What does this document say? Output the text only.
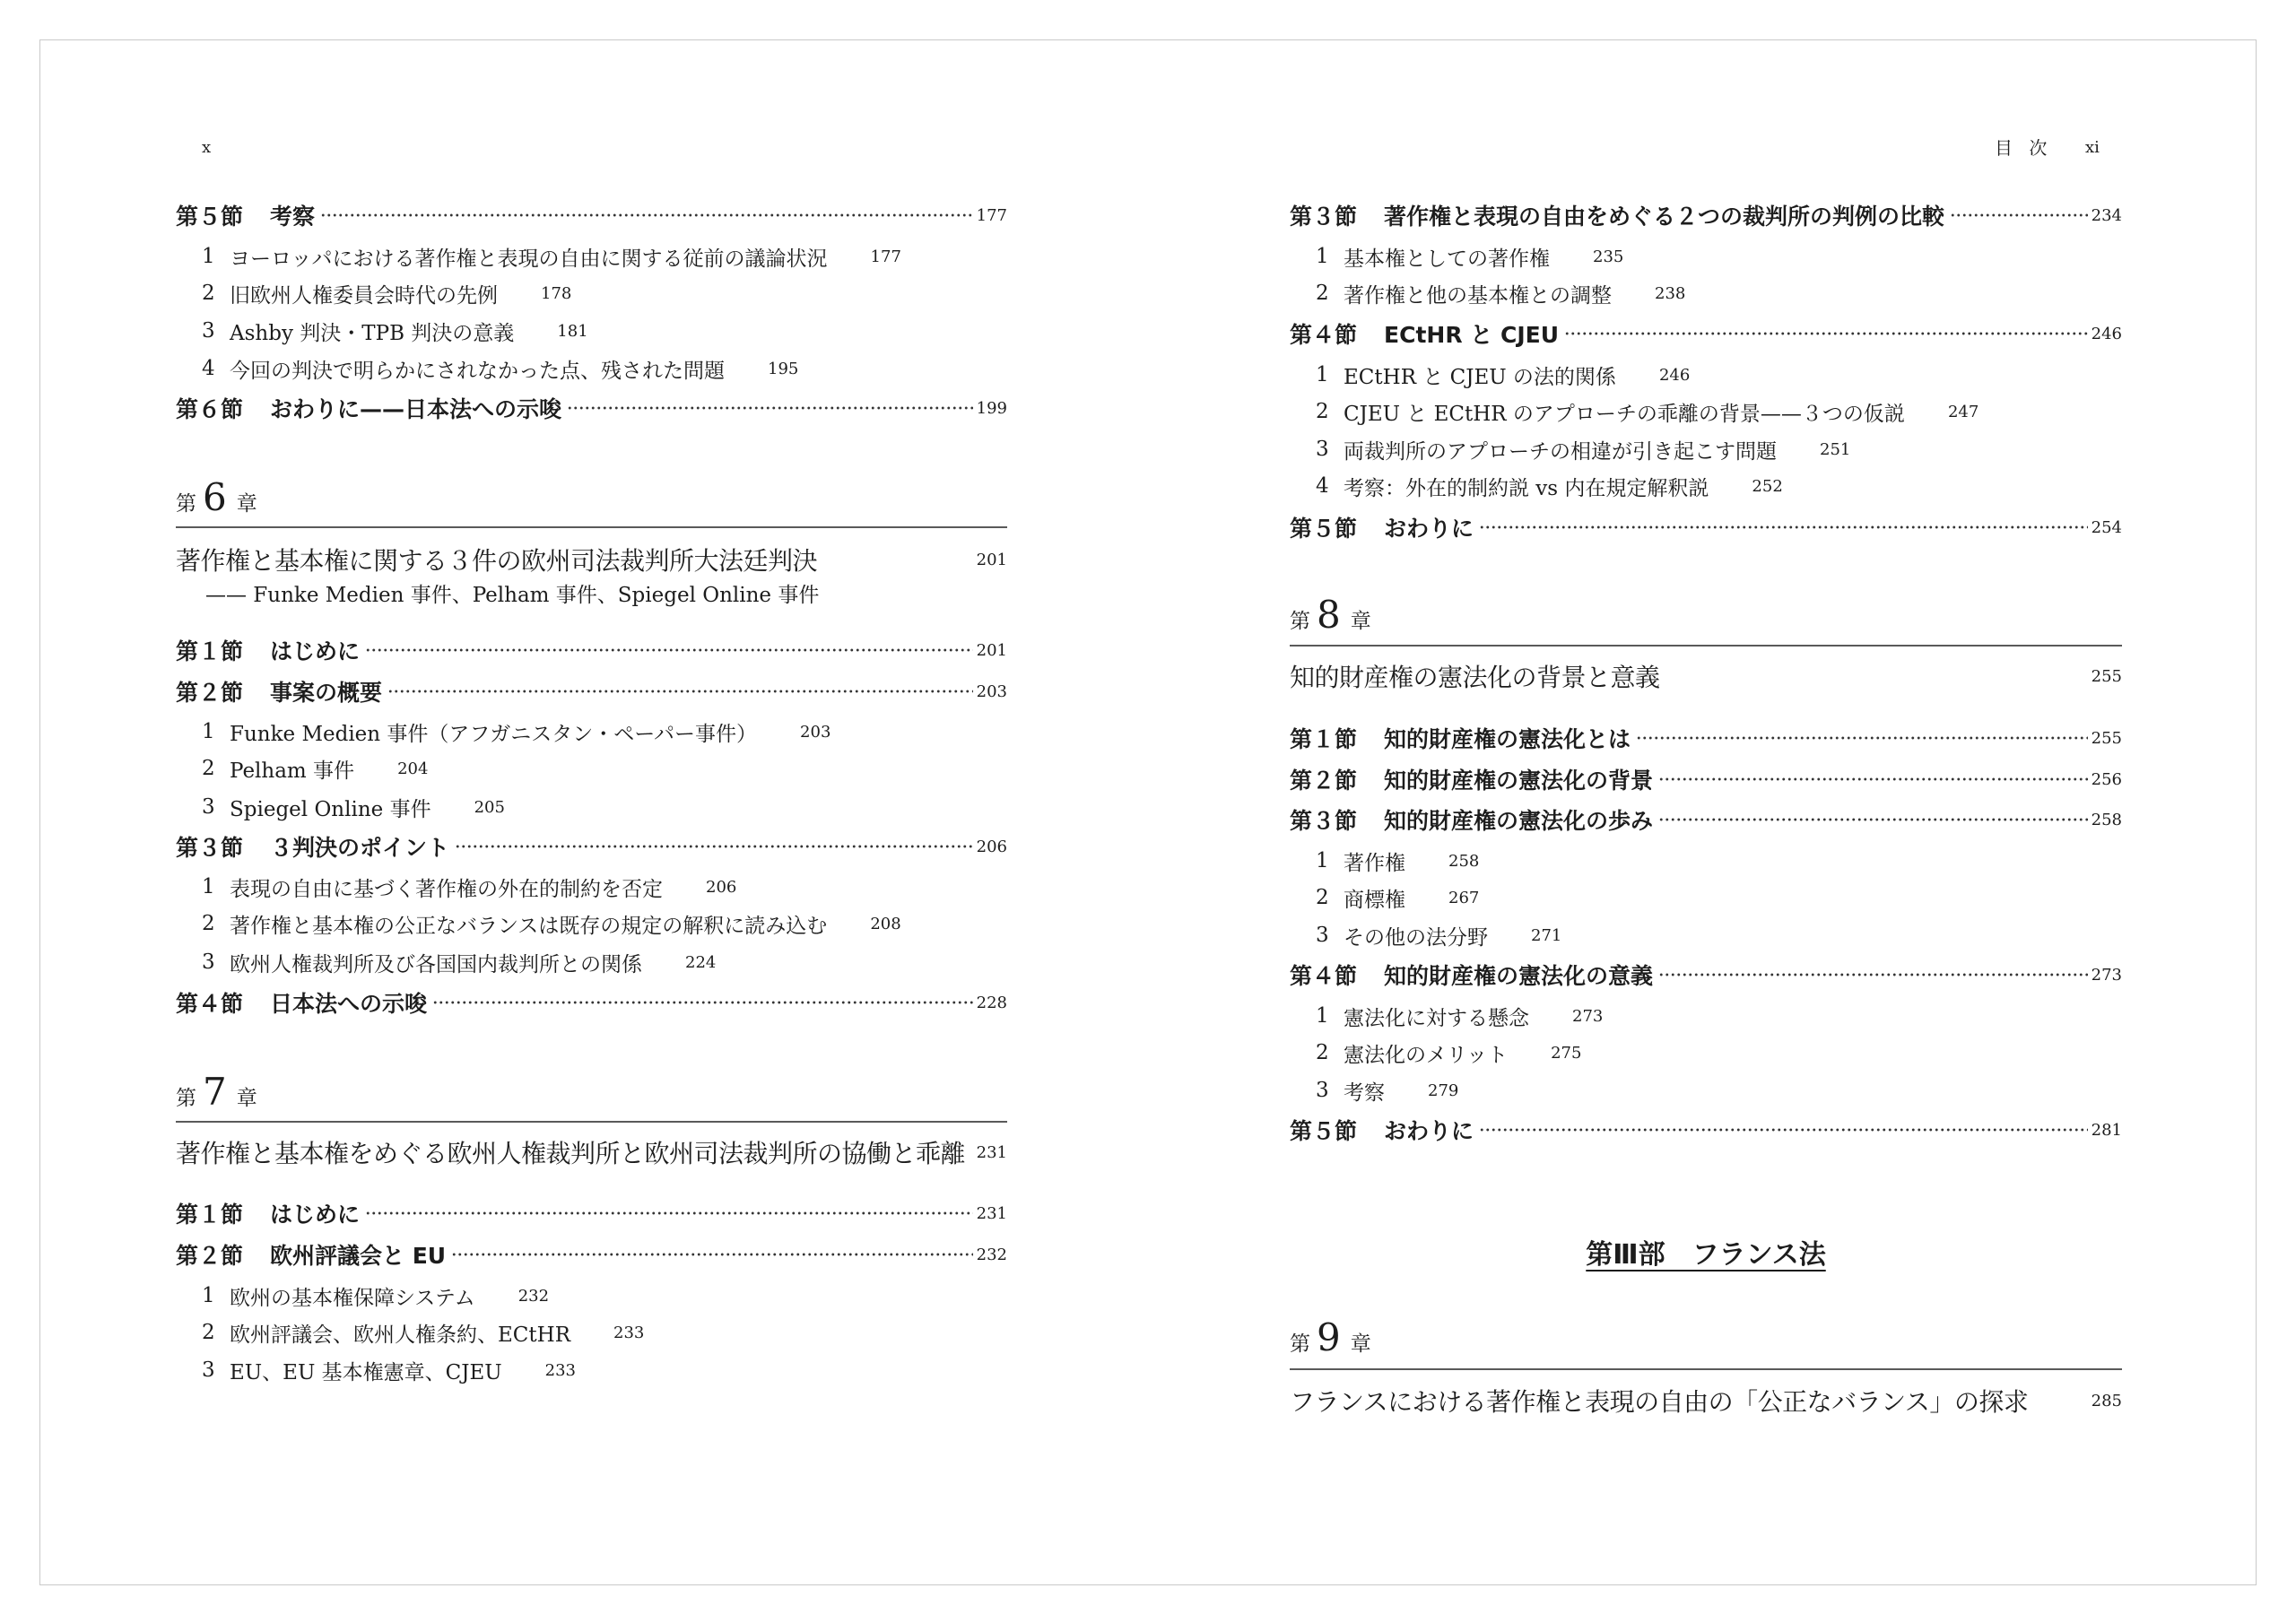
x	目 次 xi
第５節 考察	177
1 ヨーロッパにおける著作権と表現の自由に関する従前の議論状況	177
2 旧欧州人権委員会時代の先例	178
3 Ashby 判決・TPB 判決の意義	181
4 今回の判決で明らかにされなかった点、残された問題	195
第６節 おわりに——日本法への示唆	199
第 6 章
著作権と基本権に関する３件の欧州司法裁判所大法廷判決	201
—— Funke Medien 事件、Pelham 事件、Spiegel Online 事件
第１節 はじめに	201
第２節 事案の概要	203
1 Funke Medien 事件（アフガニスタン・ペーパー事件）	203
2 Pelham 事件	204
3 Spiegel Online 事件	205
第３節 ３判決のポイント	206
1 表現の自由に基づく著作権の外在的制約を否定	206
2 著作権と基本権の公正なバランスは既存の規定の解釈に読み込む	208
3 欧州人権裁判所及び各国国内裁判所との関係	224
第４節 日本法への示唆	228
第 7 章
著作権と基本権をめぐる欧州人権裁判所と欧州司法裁判所の協働と乖離 231
第１節 はじめに	231
第２節 欧州評議会と EU	232
1 欧州の基本権保障システム	232
2 欧州評議会、欧州人権条約、ECtHR	233
3 EU、EU 基本権憲章、CJEU	233
第３節 著作権と表現の自由をめぐる２つの裁判所の判例の比較	234
1 基本権としての著作権	235
2 著作権と他の基本権との調整	238
第４節 ECtHR と CJEU	246
1 ECtHR と CJEU の法的関係	246
2 CJEU と ECtHR のアプローチの乖離の背景——３つの仮説	247
3 両裁判所のアプローチの相違が引き起こす問題	251
4 考察：外在的制約説 vs 内在規定解釈説	252
第５節 おわりに	254
第 8 章
知的財産権の憲法化の背景と意義	255
第１節 知的財産権の憲法化とは	255
第２節 知的財産権の憲法化の背景	256
第３節 知的財産権の憲法化の歩み	258
1 著作権	258
2 商標権	267
3 その他の法分野	271
第４節 知的財産権の憲法化の意義	273
1 憲法化に対する懸念	273
2 憲法化のメリット	275
3 考察	279
第５節 おわりに	281
第Ⅲ部　フランス法
第 9 章
フランスにおける著作権と表現の自由の「公正なバランス」の探求	285
